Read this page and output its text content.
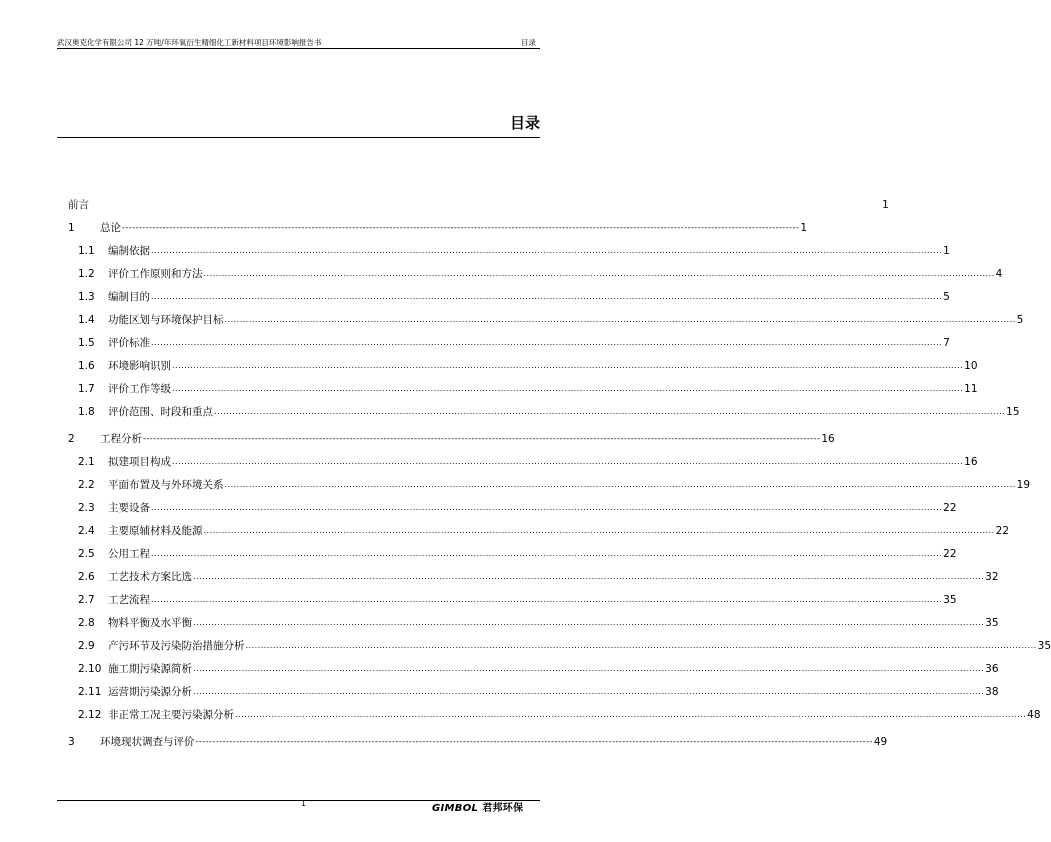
武汉奥克化学有限公司 12 万吨/年环氧衍生精细化工新材料项目环境影响报告书	目录
目录
前言	1
1	总论 -------------------------------------------------------------------------------------------------------------------------------------------------------------------------------------------------------- 1
1.1	编制依据 .................................................................................................................................................................................................................................................................... 1
1.2	评价工作原则和方法 .................................................................................................................................................................................................................................................................... 4
1.3	编制目的 .................................................................................................................................................................................................................................................................... 5
1.4	功能区划与环境保护目标 .................................................................................................................................................................................................................................................................... 5
1.5	评价标准 .................................................................................................................................................................................................................................................................... 7
1.6	环境影响识别 .................................................................................................................................................................................................................................................................... 10
1.7	评价工作等级 .................................................................................................................................................................................................................................................................... 11
1.8	评价范围、时段和重点 .................................................................................................................................................................................................................................................................... 15
2	工程分析 -------------------------------------------------------------------------------------------------------------------------------------------------------------------------------------------------------- 16
2.1	拟建项目构成 .................................................................................................................................................................................................................................................................... 16
2.2	平面布置及与外环境关系 .................................................................................................................................................................................................................................................................... 19
2.3	主要设备 .................................................................................................................................................................................................................................................................... 22
2.4	主要原辅材料及能源 .................................................................................................................................................................................................................................................................... 22
2.5	公用工程 .................................................................................................................................................................................................................................................................... 22
2.6	工艺技术方案比选 .................................................................................................................................................................................................................................................................... 32
2.7	工艺流程 .................................................................................................................................................................................................................................................................... 35
2.8	物料平衡及水平衡 .................................................................................................................................................................................................................................................................... 35
2.9	产污环节及污染防治措施分析 .................................................................................................................................................................................................................................................................... 35
2.10 施工期污染源简析 .................................................................................................................................................................................................................................................................... 36
2.11 运营期污染源分析 .................................................................................................................................................................................................................................................................... 38
2.12 非正常工况主要污染源分析 .................................................................................................................................................................................................................................................................... 48
3	环境现状调查与评价 -------------------------------------------------------------------------------------------------------------------------------------------------------------------------------------------------------- 49
1	GIMBOL 君邦环保
